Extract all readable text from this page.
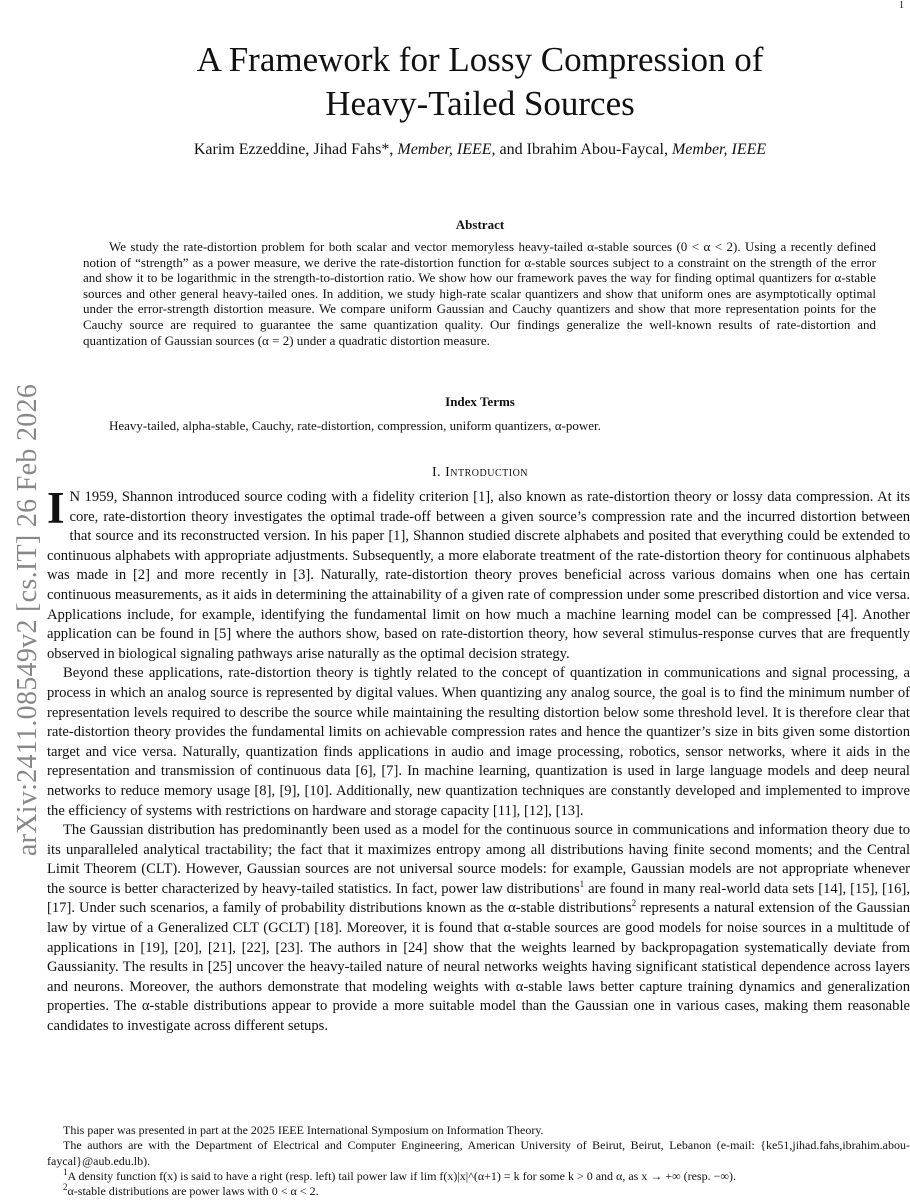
1
arXiv:2411.08549v2 [cs.IT] 26 Feb 2026
A Framework for Lossy Compression of
Heavy-Tailed Sources
Karim Ezzeddine, Jihad Fahs*, Member, IEEE, and Ibrahim Abou-Faycal, Member, IEEE
Abstract

We study the rate-distortion problem for both scalar and vector memoryless heavy-tailed α-stable sources (0 < α < 2). Using a recently defined notion of “strength” as a power measure, we derive the rate-distortion function for α-stable sources subject to a constraint on the strength of the error and show it to be logarithmic in the strength-to-distortion ratio. We show how our framework paves the way for finding optimal quantizers for α-stable sources and other general heavy-tailed ones. In addition, we study high-rate scalar quantizers and show that uniform ones are asymptotically optimal under the error-strength distortion measure. We compare uniform Gaussian and Cauchy quantizers and show that more representation points for the Cauchy source are required to guarantee the same quantization quality. Our findings generalize the well-known results of rate-distortion and quantization of Gaussian sources (α = 2) under a quadratic distortion measure.

Index Terms
Heavy-tailed, alpha-stable, Cauchy, rate-distortion, compression, uniform quantizers, α-power.
I. Introduction

I N 1959, Shannon introduced source coding with a fidelity criterion [1], also known as rate-distortion theory or lossy data compression. At its core, rate-distortion theory investigates the optimal trade-off between a given source’s compression rate and the incurred distortion between that source and its reconstructed version. In his paper [1], Shannon studied discrete alphabets and posited that everything could be extended to continuous alphabets with appropriate adjustments. Subsequently, a more elaborate treatment of the rate-distortion theory for continuous alphabets was made in [2] and more recently in [3]. Naturally, rate-distortion theory proves beneficial across various domains when one has certain continuous measurements, as it aids in determining the attainability of a given rate of compression under some prescribed distortion and vice versa. Applications include, for example, identifying the fundamental limit on how much a machine learning model can be compressed [4]. Another application can be found in [5] where the authors show, based on rate-distortion theory, how several stimulus-response curves that are frequently observed in biological signaling pathways arise naturally as the optimal decision strategy.

Beyond these applications, rate-distortion theory is tightly related to the concept of quantization in communications and signal processing, a process in which an analog source is represented by digital values. When quantizing any analog source, the goal is to find the minimum number of representation levels required to describe the source while maintaining the resulting distortion below some threshold level. It is therefore clear that rate-distortion theory provides the fundamental limits on achievable compression rates and hence the quantizer’s size in bits given some distortion target and vice versa. Naturally, quantization finds applications in audio and image processing, robotics, sensor networks, where it aids in the representation and transmission of continuous data [6], [7]. In machine learning, quantization is used in large language models and deep neural networks to reduce memory usage [8], [9], [10]. Additionally, new quantization techniques are constantly developed and implemented to improve the efficiency of systems with restrictions on hardware and storage capacity [11], [12], [13].

The Gaussian distribution has predominantly been used as a model for the continuous source in communications and information theory due to its unparalleled analytical tractability; the fact that it maximizes entropy among all distributions having finite second moments; and the Central Limit Theorem (CLT). However, Gaussian sources are not universal source models: for example, Gaussian models are not appropriate whenever the source is better characterized by heavy-tailed statistics. In fact, power law distributions$^1$ are found in many real-world data sets [14], [15], [16], [17]. Under such scenarios, a family of probability distributions known as the α-stable distributions$^2$ represents a natural extension of the Gaussian law by virtue of a Generalized CLT (GCLT) [18]. Moreover, it is found that α-stable sources are good models for noise sources in a multitude of applications in [19], [20], [21], [22], [23]. The authors in [24] show that the weights learned by backpropagation systematically deviate from Gaussianity. The results in [25] uncover the heavy-tailed nature of neural networks weights having significant statistical dependence across layers and neurons. Moreover, the authors demonstrate that modeling weights with α-stable laws better capture training dynamics and generalization properties. The α-stable distributions appear to provide a more suitable model than the Gaussian one in various cases, making them reasonable candidates to investigate across different setups.

This paper was presented in part at the 2025 IEEE International Symposium on Information Theory.

The authors are with the Department of Electrical and Computer Engineering, American University of Beirut, Beirut, Lebanon (e-mail: {ke51,jihad.fahs,ibrahim.abou-faycal}@aub.edu.lb).

$^1$A density function f(x) is said to have a right (resp. left) tail power law if lim f(x)|x|^(α+1) = k for some k > 0 and α, as x → +∞ (resp. −∞).

$^2$α-stable distributions are power laws with 0 < α < 2.
